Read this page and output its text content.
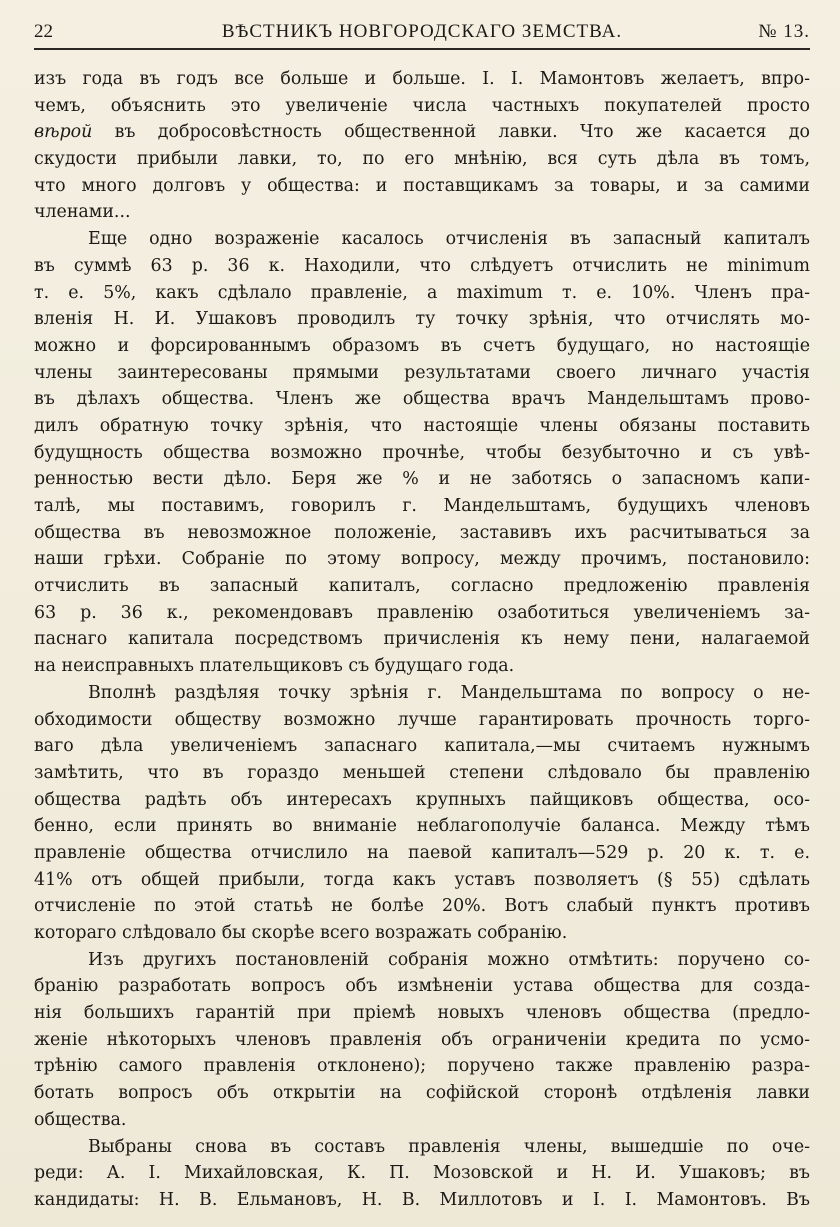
22	ВѢСТНИКЪ НОВГОРОДСКАГО ЗЕМСТВА.	№ 13.
изъ года въ годъ все больше и больше. І. І. Мамонтовъ желаетъ, впро-
чемъ, объяснить это увеличеніе числа частныхъ покупателей просто
вѣрой въ добросовѣстность общественной лавки. Что же касается до
скудости прибыли лавки, то, по его мнѣнію, вся суть дѣла въ томъ,
что много долговъ у общества: и поставщикамъ за товары, и за самими
членами...
Еще одно возраженіе касалось отчисленія въ запасный капиталъ
въ суммѣ 63 р. 36 к. Находили, что слѣдуетъ отчислить не minimum
т. е. 5%, какъ сдѣлало правленіе, а maximum т. е. 10%. Членъ пра-
вленія Н. И. Ушаковъ проводилъ ту точку зрѣнія, что отчислять мо-
можно и форсированнымъ образомъ въ счетъ будущаго, но настоящіе
члены заинтересованы прямыми результатами своего личнаго участія
въ дѣлахъ общества. Членъ же общества врачъ Мандельштамъ прово-
дилъ обратную точку зрѣнія, что настоящіе члены обязаны поставить
будущность общества возможно прочнѣе, чтобы безубыточно и съ увѣ-
ренностью вести дѣло. Беря же % и не заботясь о запасномъ капи-
талѣ, мы поставимъ, говорилъ г. Мандельштамъ, будущихъ членовъ
общества въ невозможное положеніе, заставивъ ихъ расчитываться за
наши грѣхи. Собраніе по этому вопросу, между прочимъ, постановило:
отчислить въ запасный капиталъ, согласно предложенію правленія
63 р. 36 к., рекомендовавъ правленію озаботиться увеличеніемъ за-
паснаго капитала посредствомъ причисленія къ нему пени, налагаемой
на неисправныхъ плательщиковъ съ будущаго года.
Вполнѣ раздѣляя точку зрѣнія г. Мандельштама по вопросу о не-
обходимости обществу возможно лучше гарантировать прочность торго-
ваго дѣла увеличеніемъ запаснаго капитала,—мы считаемъ нужнымъ
замѣтить, что въ гораздо меньшей степени слѣдовало бы правленію
общества радѣть объ интересахъ крупныхъ пайщиковъ общества, осо-
бенно, если принять во вниманіе неблагополучіе баланса. Между тѣмъ
правленіе общества отчислило на паевой капиталъ—529 р. 20 к. т. е.
41% отъ общей прибыли, тогда какъ уставъ позволяетъ (§ 55) сдѣлать
отчисленіе по этой статьѣ не болѣе 20%. Вотъ слабый пунктъ противъ
котораго слѣдовало бы скорѣе всего возражать собранію.
Изъ другихъ постановленій собранія можно отмѣтить: поручено со-
бранію разработать вопросъ объ измѣненіи устава общества для созда-
нія большихъ гарантій при пріемѣ новыхъ членовъ общества (предло-
женіе нѣкоторыхъ членовъ правленія объ ограниченіи кредита по усмо-
трѣнію самого правленія отклонено); поручено также правленію разра-
ботать вопросъ объ открытіи на софійской сторонѣ отдѣленія лавки
общества.
Выбраны снова въ составъ правленія члены, вышедшіе по оче-
реди: А. І. Михайловская, К. П. Мозовской и Н. И. Ушаковъ; въ
кандидаты: Н. В. Ельмановъ, Н. В. Миллотовъ и І. І. Мамонтовъ. Въ
